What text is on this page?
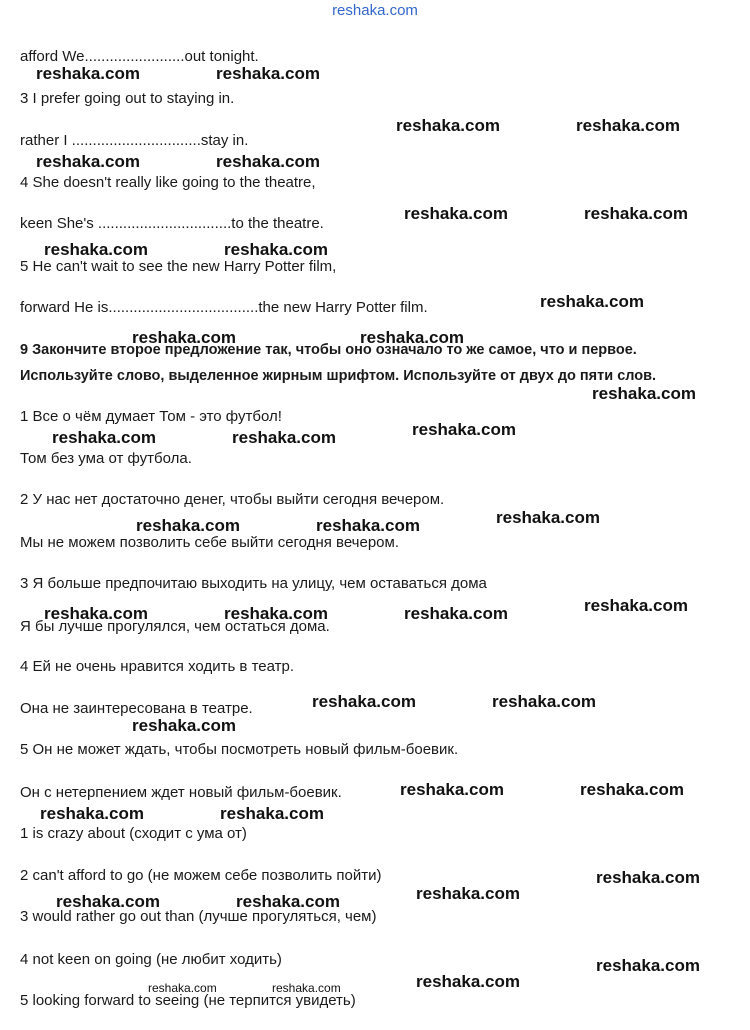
reshaka.com
afford We........................out tonight.
3 I prefer going out to staying in.
rather I ...............................stay in.
4 She doesn't really like going to the theatre,
keen She's ................................to the theatre.
5 He can't wait to see the new Harry Potter film,
forward He is....................................the new Harry Potter film.
9 Закончите второе предложение так, чтобы оно означало то же самое, что и первое.
Используйте слово, выделенное жирным шрифтом. Используйте от двух до пяти слов.
1 Все о чём думает Том - это футбол!
Том без ума от футбола.
2 У нас нет достаточно денег, чтобы выйти сегодня вечером.
Мы не можем позволить себе выйти сегодня вечером.
3 Я больше предпочитаю выходить на улицу, чем оставаться дома
Я бы лучше прогулялся, чем остаться дома.
4 Ей не очень нравится ходить в театр.
Она не заинтересована в театре.
5 Он не может ждать, чтобы посмотреть новый фильм-боевик.
Он с нетерпением ждет новый фильм-боевик.
1 is crazy about (сходит с ума от)
2 can't afford to go (не можем себе позволить пойти)
3 would rather go out than (лучше прогуляться, чем)
4 not keen on going (не любит ходить)
5 looking forward to seeing (не терпится увидеть)
reshaka.com	reshaka.com
reshaka.com	reshaka.com
reshaka.com	reshaka.com
reshaka.com	reshaka.com
reshaka.com	reshaka.com
reshaka.com
reshaka.com	reshaka.com
reshaka.com
reshaka.com
reshaka.com	reshaka.com
reshaka.com
reshaka.com	reshaka.com
reshaka.com
reshaka.com	reshaka.com	reshaka.com
reshaka.com	reshaka.com
reshaka.com
reshaka.com	reshaka.com
reshaka.com	reshaka.com
reshaka.com
reshaka.com
reshaka.com	reshaka.com
reshaka.com
reshaka.com
reshaka.com	reshaka.com
